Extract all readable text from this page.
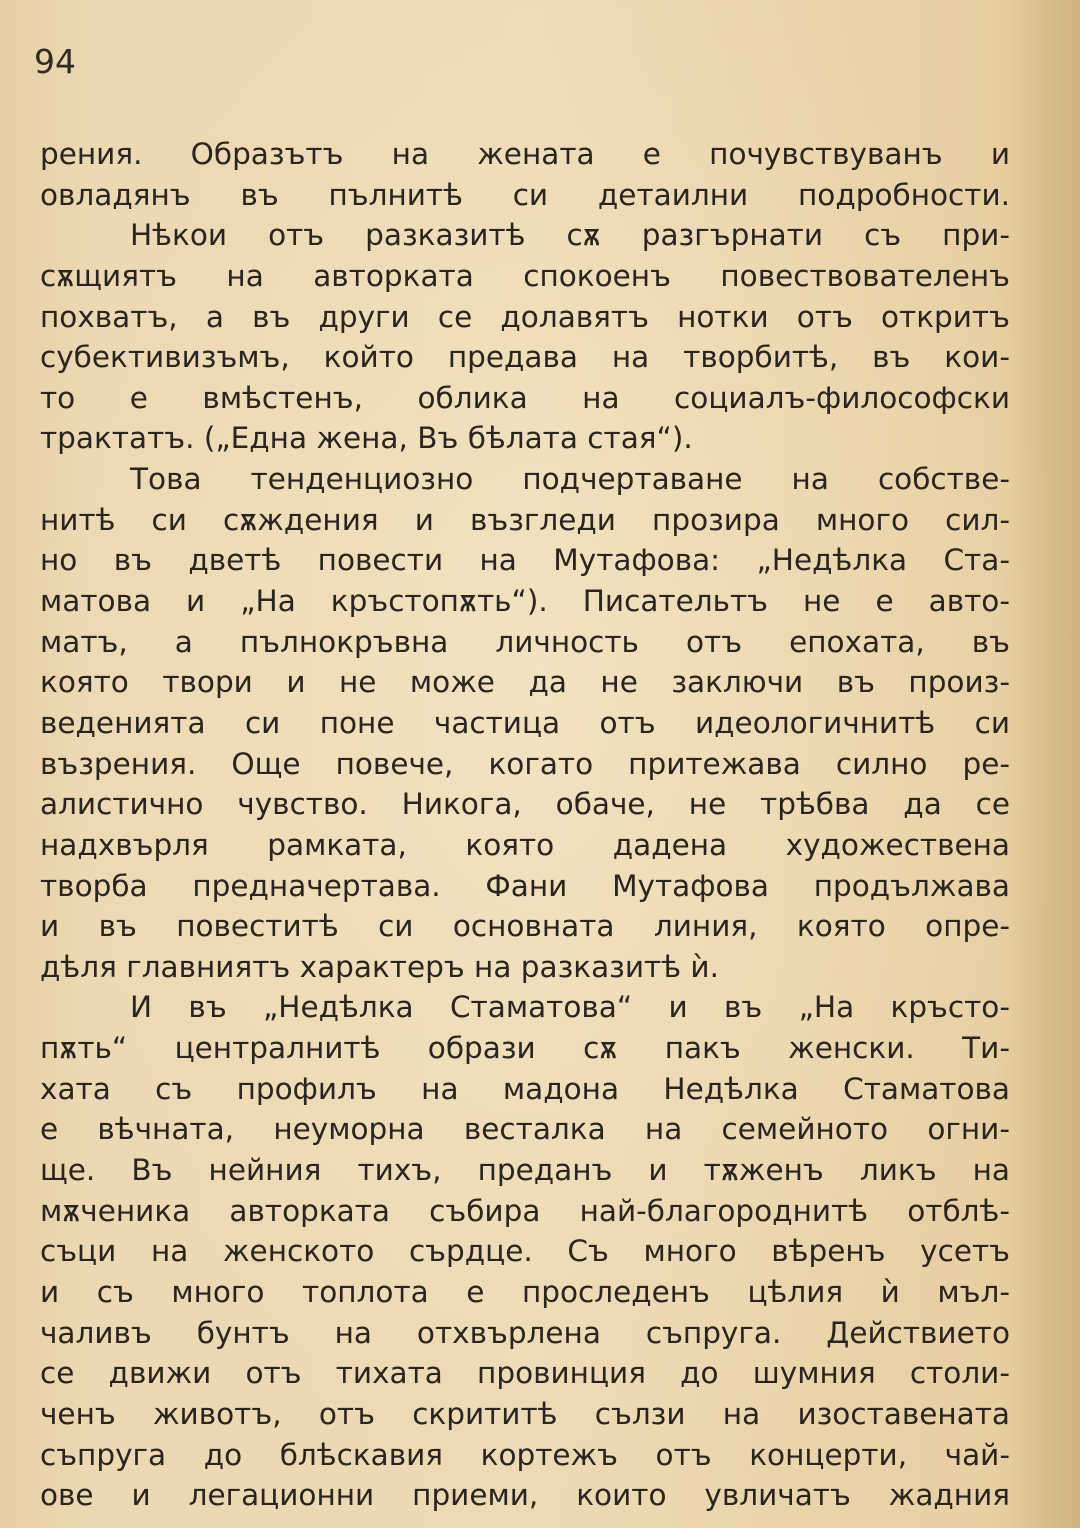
94
рения. Образътъ на жената е почувствуванъ и
овладянъ въ пълнитѣ си детаилни подробности.
Нѣкои отъ разказитѣ сѫ разгърнати съ при-
сѫщиятъ на авторката спокоенъ повествователенъ
похватъ, а въ други се долавятъ нотки отъ откритъ
субективизъмъ, който предава на творбитѣ, въ кои-
то е вмѣстенъ, облика на социалъ-философски
трактатъ. („Една жена, Въ бѣлата стая“).
Това тенденциозно подчертаване на собстве-
нитѣ си сѫждения и възгледи прозира много сил-
но въ дветѣ повести на Мутафова: „Недѣлка Ста-
матова и „На кръстопѫть“). Писательтъ не е авто-
матъ, а пълнокръвна личность отъ епохата, въ
която твори и не може да не заключи въ произ-
веденията си поне частица отъ идеологичнитѣ си
възрения. Още повече, когато притежава силно ре-
алистично чувство. Никога, обаче, не трѣбва да се
надхвърля рамката, която дадена художествена
творба предначертава. Фани Мутафова продължава
и въ повеститѣ си основната линия, която опре-
дѣля главниятъ характеръ на разказитѣ ѝ.
И въ „Недѣлка Стаматова“ и въ „На кръсто-
пѫть“ централнитѣ образи сѫ пакъ женски. Ти-
хата съ профилъ на мадона Недѣлка Стаматова
е вѣчната, неуморна весталка на семейното огни-
ще. Въ нейния тихъ, преданъ и тѫженъ ликъ на
мѫченика авторката събира най-благороднитѣ отблѣ-
съци на женското сърдце. Съ много вѣренъ усетъ
и съ много топлота е проследенъ цѣлия ѝ мъл-
чаливъ бунтъ на отхвърлена съпруга. Действието
се движи отъ тихата провинция до шумния столи-
ченъ животъ, отъ скрититѣ сълзи на изоставената
съпруга до блѣскавия кортежъ отъ концерти, чай-
ове и легационни приеми, които увличатъ жадния
